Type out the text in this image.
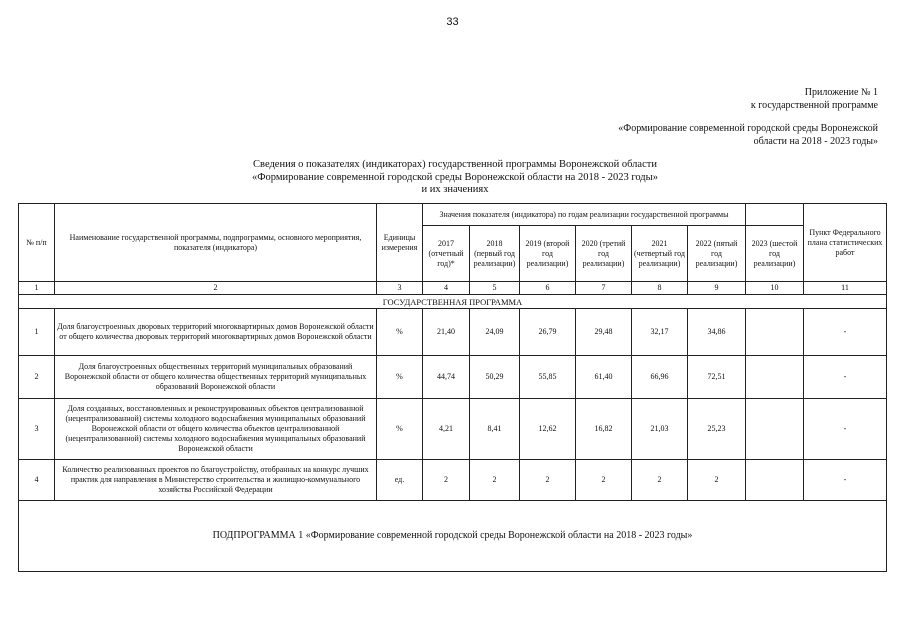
33
Приложение № 1
к государственной программе
«Формирование современной городской среды Воронежской
области на 2018 - 2023 годы»
Сведения о показателях (индикаторах) государственной программы Воронежской области
«Формирование современной городской среды Воронежской области на 2018 - 2023 годы»
и их значениях
№ п/п	Наименование государственной программы, подпрограммы, основного мероприятия, показателя (индикатора)	Единицы измерения	Значения показателя (индикатора) по годам реализации государственной программы							Пункт Федерального плана статистических работ
			2017 (отчетный год)*	2018 (первый год реализации)	2019 (второй год реализации)	2020 (третий год реализации)	2021 (четвертый год реализации)	2022 (пятый год реализации)	2023 (шестой год реализации)	
1	2	3	4	5	6	7	8	9	10	11
ГОСУДАРСТВЕННАЯ ПРОГРАММА										
1	Доля благоустроенных дворовых территорий многоквартирных домов Воронежской области от общего количества дворовых территорий многоквартирных домов Воронежской области	%	21,40	24,09	26,79	29,48	32,17	34,86		-
2	Доля благоустроенных общественных территорий муниципальных образований Воронежской области от общего количества общественных территорий муниципальных образований Воронежской области	%	44,74	50,29	55,85	61,40	66,96	72,51		-
3	Доля созданных, восстановленных и реконструированных объектов централизованной (нецентрализованной) системы холодного водоснабжения муниципальных образований Воронежской области от общего количества объектов централизованной (нецентрализованной) системы холодного водоснабжения муниципальных образований Воронежской области	%	4,21	8,41	12,62	16,82	21,03	25,23		-
4	Количество реализованных проектов по благоустройству, отобранных на конкурс лучших практик для направления в Министерство строительства и жилищно-коммунального хозяйства Российской Федерации	ед.	2	2	2	2	2	2		-
ПОДПРОГРАММА 1 «Формирование современной городской среды Воронежской области на 2018 - 2023 годы»										
